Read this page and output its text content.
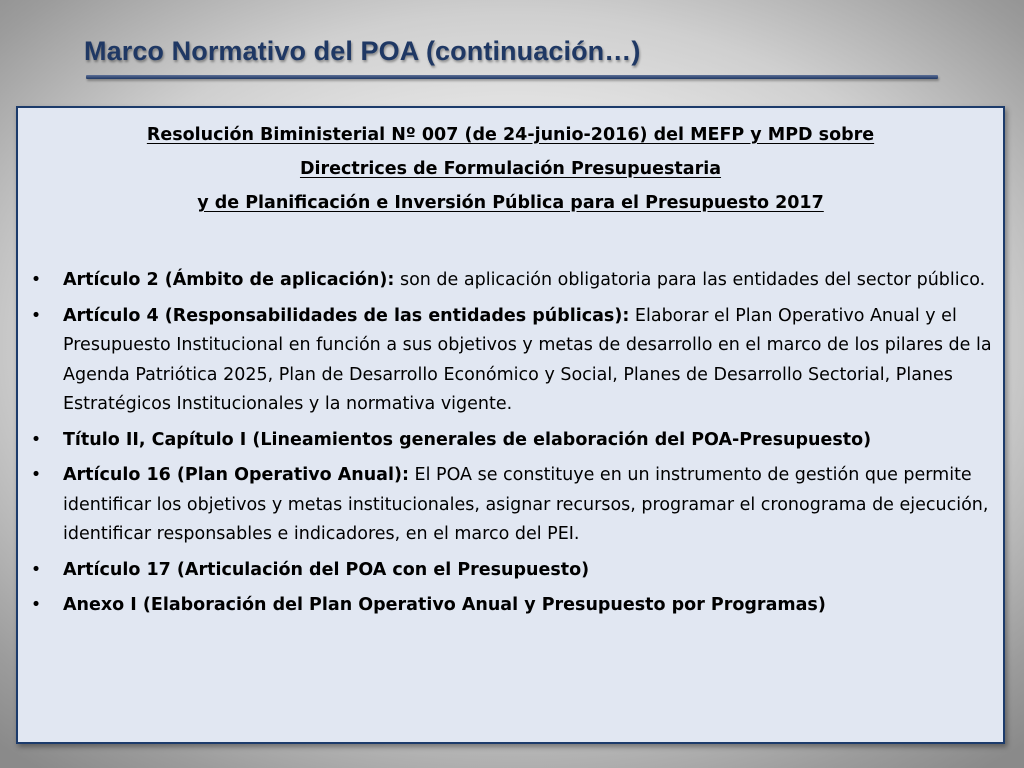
Marco Normativo del POA (continuación…)
Resolución Biministerial Nº 007 (de 24-junio-2016) del MEFP y MPD sobre
Directrices de Formulación Presupuestaria
y de Planificación e Inversión Pública para el Presupuesto 2017
• Artículo 2 (Ámbito de aplicación): son de aplicación obligatoria para las entidades del sector público.
• Artículo 4 (Responsabilidades de las entidades públicas): Elaborar el Plan Operativo Anual y el Presupuesto Institucional en función a sus objetivos y metas de desarrollo en el marco de los pilares de la Agenda Patriótica 2025, Plan de Desarrollo Económico y Social, Planes de Desarrollo Sectorial, Planes Estratégicos Institucionales y la normativa vigente.
• Título II, Capítulo I (Lineamientos generales de elaboración del POA-Presupuesto)
• Artículo 16 (Plan Operativo Anual): El POA se constituye en un instrumento de gestión que permite identificar los objetivos y metas institucionales, asignar recursos, programar el cronograma de ejecución, identificar responsables e indicadores, en el marco del PEI.
• Artículo 17 (Articulación del POA con el Presupuesto)
• Anexo I (Elaboración del Plan Operativo Anual y Presupuesto por Programas)
